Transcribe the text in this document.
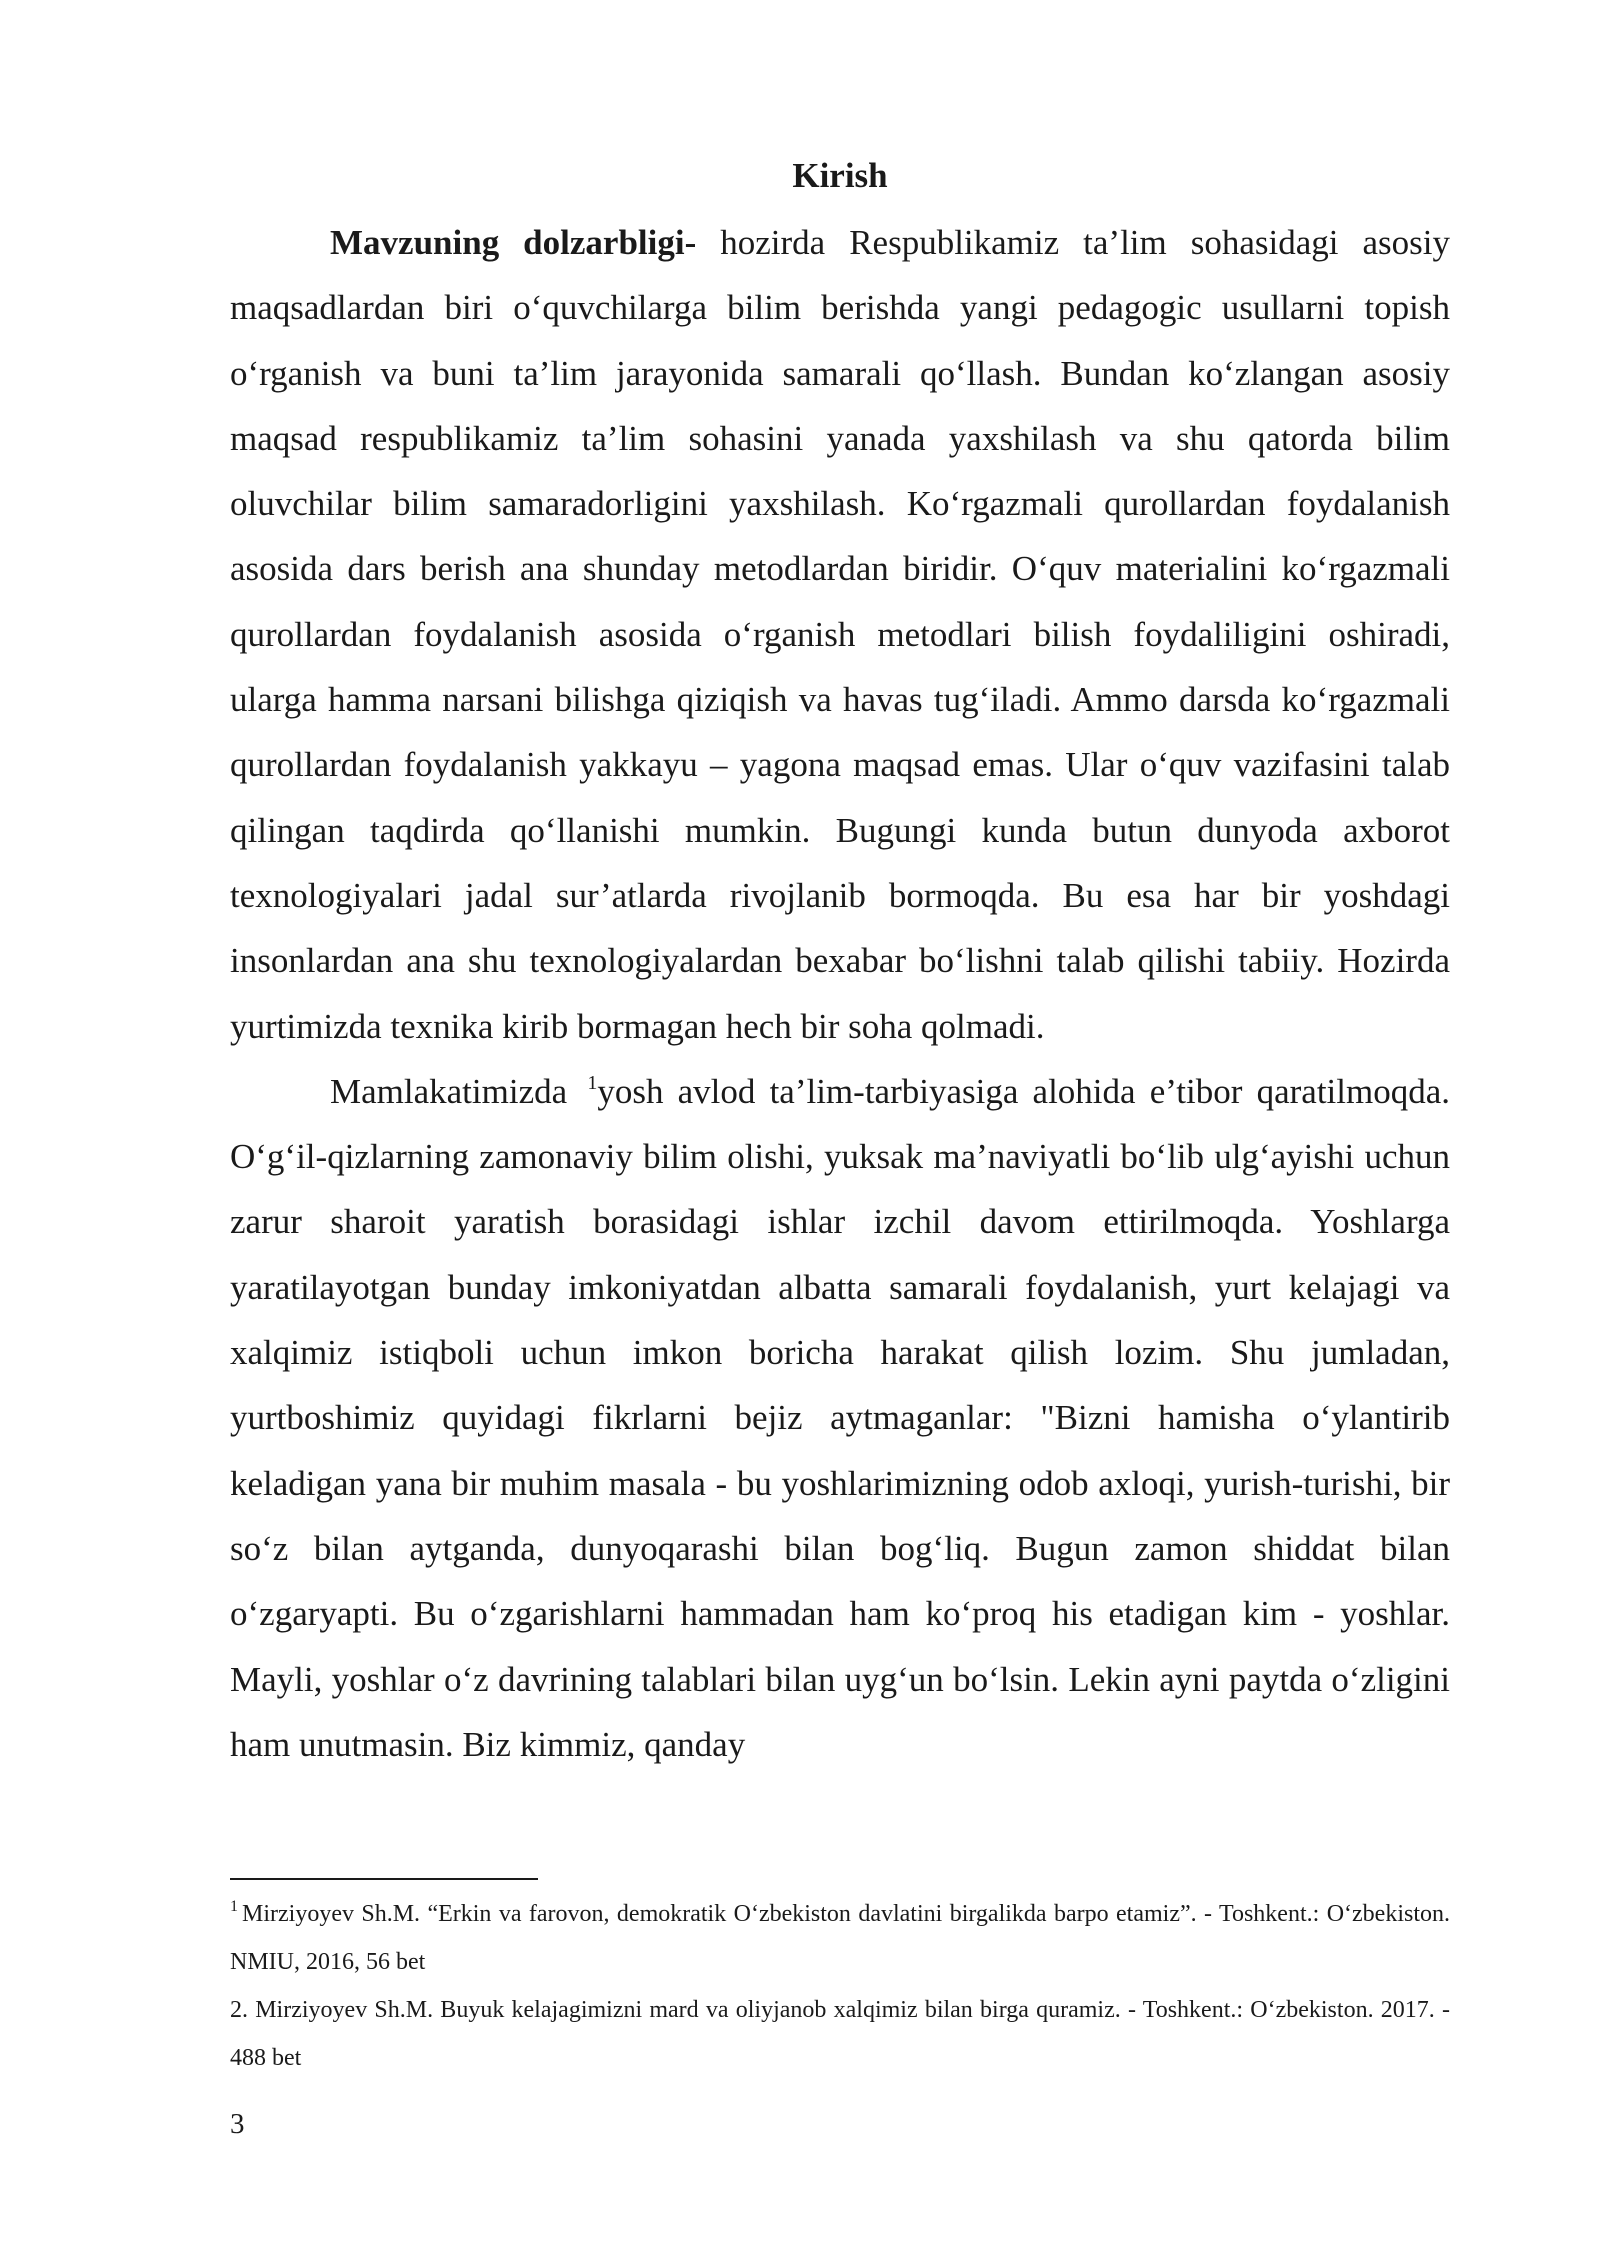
Kirish

Mavzuning dolzarbligi- hozirda Respublikamiz ta’lim sohasidagi asosiy maqsadlardan biri o‘quvchilarga bilim berishda yangi pedagogic usullarni topish o‘rganish va buni ta’lim jarayonida samarali qo‘llash. Bundan ko‘zlangan asosiy maqsad respublikamiz ta’lim sohasini yanada yaxshilash va shu qatorda bilim oluvchilar bilim samaradorligini yaxshilash. Ko‘rgazmali qurollardan foydalanish asosida dars berish ana shunday metodlardan biridir. O‘quv materialini ko‘rgazmali qurollardan foydalanish asosida o‘rganish metodlari bilish foydaliligini oshiradi, ularga hamma narsani bilishga qiziqish va havas tug‘iladi. Ammo darsda ko‘rgazmali qurollardan foydalanish yakkayu – yagona maqsad emas. Ular o‘quv vazifasini talab qilingan taqdirda qo‘llanishi mumkin. Bugungi kunda butun dunyoda axborot texnologiyalari jadal sur’atlarda rivojlanib bormoqda. Bu esa har bir yoshdagi insonlardan ana shu texnologiyalardan bexabar bo‘lishni talab qilishi tabiiy. Hozirda yurtimizda texnika kirib bormagan hech bir soha qolmadi.

Mamlakatimizda $^1$yosh avlod ta’lim-tarbiyasiga alohida e’tibor qaratilmoqda. O‘g‘il-qizlarning zamonaviy bilim olishi, yuksak ma’naviyatli bo‘lib ulg‘ayishi uchun zarur sharoit yaratish borasidagi ishlar izchil davom ettirilmoqda. Yoshlarga yaratilayotgan bunday imkoniyatdan albatta samarali foydalanish, yurt kelajagi va xalqimiz istiqboli uchun imkon boricha harakat qilish lozim. Shu jumladan, yurtboshimiz quyidagi fikrlarni bejiz aytmaganlar: "Bizni hamisha o‘ylantirib keladigan yana bir muhim masala - bu yoshlarimizning odob axloqi, yurish-turishi, bir so‘z bilan aytganda, dunyoqarashi bilan bog‘liq. Bugun zamon shiddat bilan o‘zgaryapti. Bu o‘zgarishlarni hammadan ham ko‘proq his etadigan kim - yoshlar. Mayli, yoshlar o‘z davrining talablari bilan uyg‘un bo‘lsin. Lekin ayni paytda o‘zligini ham unutmasin. Biz kimmiz, qanday

$^1$ Mirziyoyev Sh.M. “Erkin va farovon, demokratik O‘zbekiston davlatini birgalikda barpo etamiz”. - Toshkent.: O‘zbekiston. NMIU, 2016, 56 bet

2. Mirziyoyev Sh.M. Buyuk kelajagimizni mard va oliyjanob xalqimiz bilan birga quramiz. - Toshkent.: O‘zbekiston. 2017. - 488 bet

3
